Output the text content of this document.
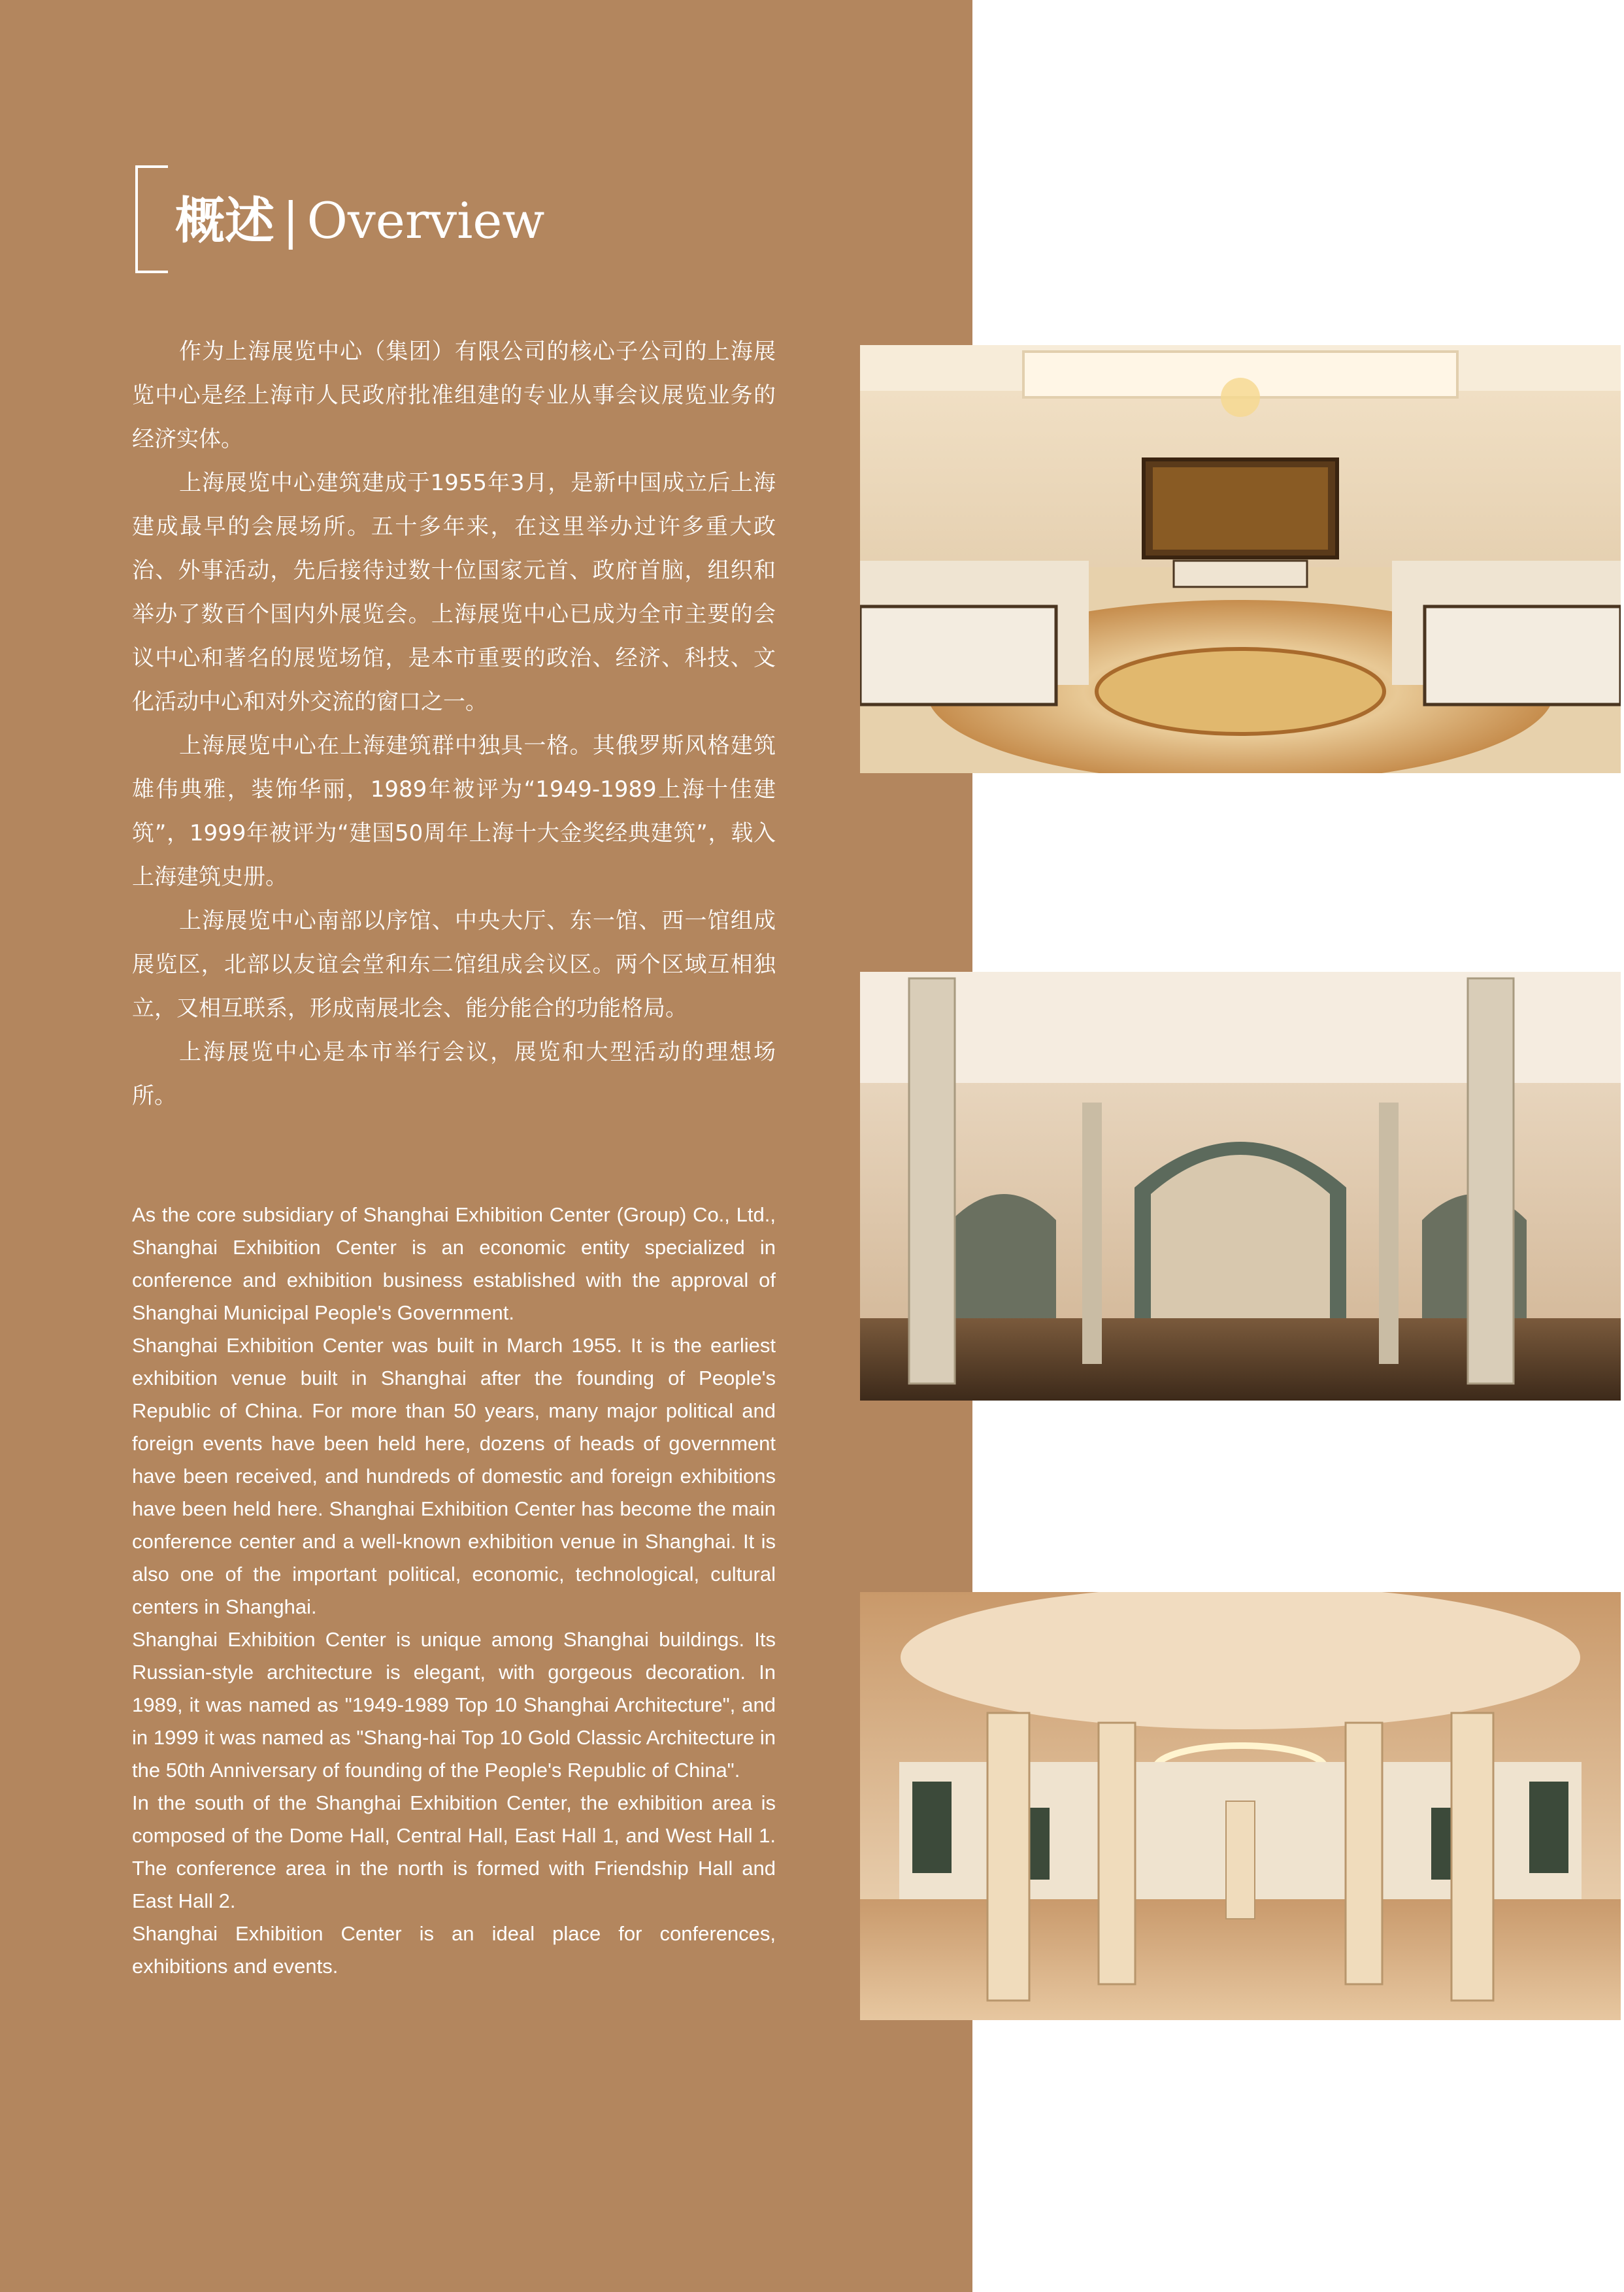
概述 | Overview

作为上海展览中心（集团）有限公司的核心子公司的上海展览中心是经上海市人民政府批准组建的专业从事会议展览业务的经济实体。

上海展览中心建筑建成于1955年3月，是新中国成立后上海建成最早的会展场所。五十多年来，在这里举办过许多重大政治、外事活动，先后接待过数十位国家元首、政府首脑，组织和举办了数百个国内外展览会。上海展览中心已成为全市主要的会议中心和著名的展览场馆，是本市重要的政治、经济、科技、文化活动中心和对外交流的窗口之一。

上海展览中心在上海建筑群中独具一格。其俄罗斯风格建筑雄伟典雅，装饰华丽，1989年被评为“1949-1989上海十佳建筑”，1999年被评为“建国50周年上海十大金奖经典建筑”，载入上海建筑史册。

上海展览中心南部以序馆、中央大厅、东一馆、西一馆组成展览区，北部以友谊会堂和东二馆组成会议区。两个区域互相独立，又相互联系，形成南展北会、能分能合的功能格局。

上海展览中心是本市举行会议，展览和大型活动的理想场所。

As the core subsidiary of Shanghai Exhibition Center (Group) Co., Ltd., Shanghai Exhibition Center is an economic entity specialized in conference and exhibition business established with the approval of Shanghai Municipal People's Government.

Shanghai Exhibition Center was built in March 1955. It is the earliest exhibition venue built in Shanghai after the founding of People's Republic of China. For more than 50 years, many major political and foreign events have been held here, dozens of heads of government have been received, and hundreds of domestic and foreign exhibitions have been held here. Shanghai Exhibition Center has become the main conference center and a well-known exhibition venue in Shanghai. It is also one of the important political, economic, technological, cultural centers in Shanghai.

Shanghai Exhibition Center is unique among Shanghai buildings. Its Russian-style architecture is elegant, with gorgeous decoration. In 1989, it was named as "1949-1989 Top 10 Shanghai Architecture", and in 1999 it was named as "Shang-hai Top 10 Gold Classic Architecture in the 50th Anniversary of founding of the People's Republic of China".

In the south of the Shanghai Exhibition Center, the exhibition area is composed of the Dome Hall, Central Hall, East Hall 1, and West Hall 1. The conference area in the north is formed with Friendship Hall and East Hall 2.

Shanghai Exhibition Center is an ideal place for conferences, exhibitions and events.
